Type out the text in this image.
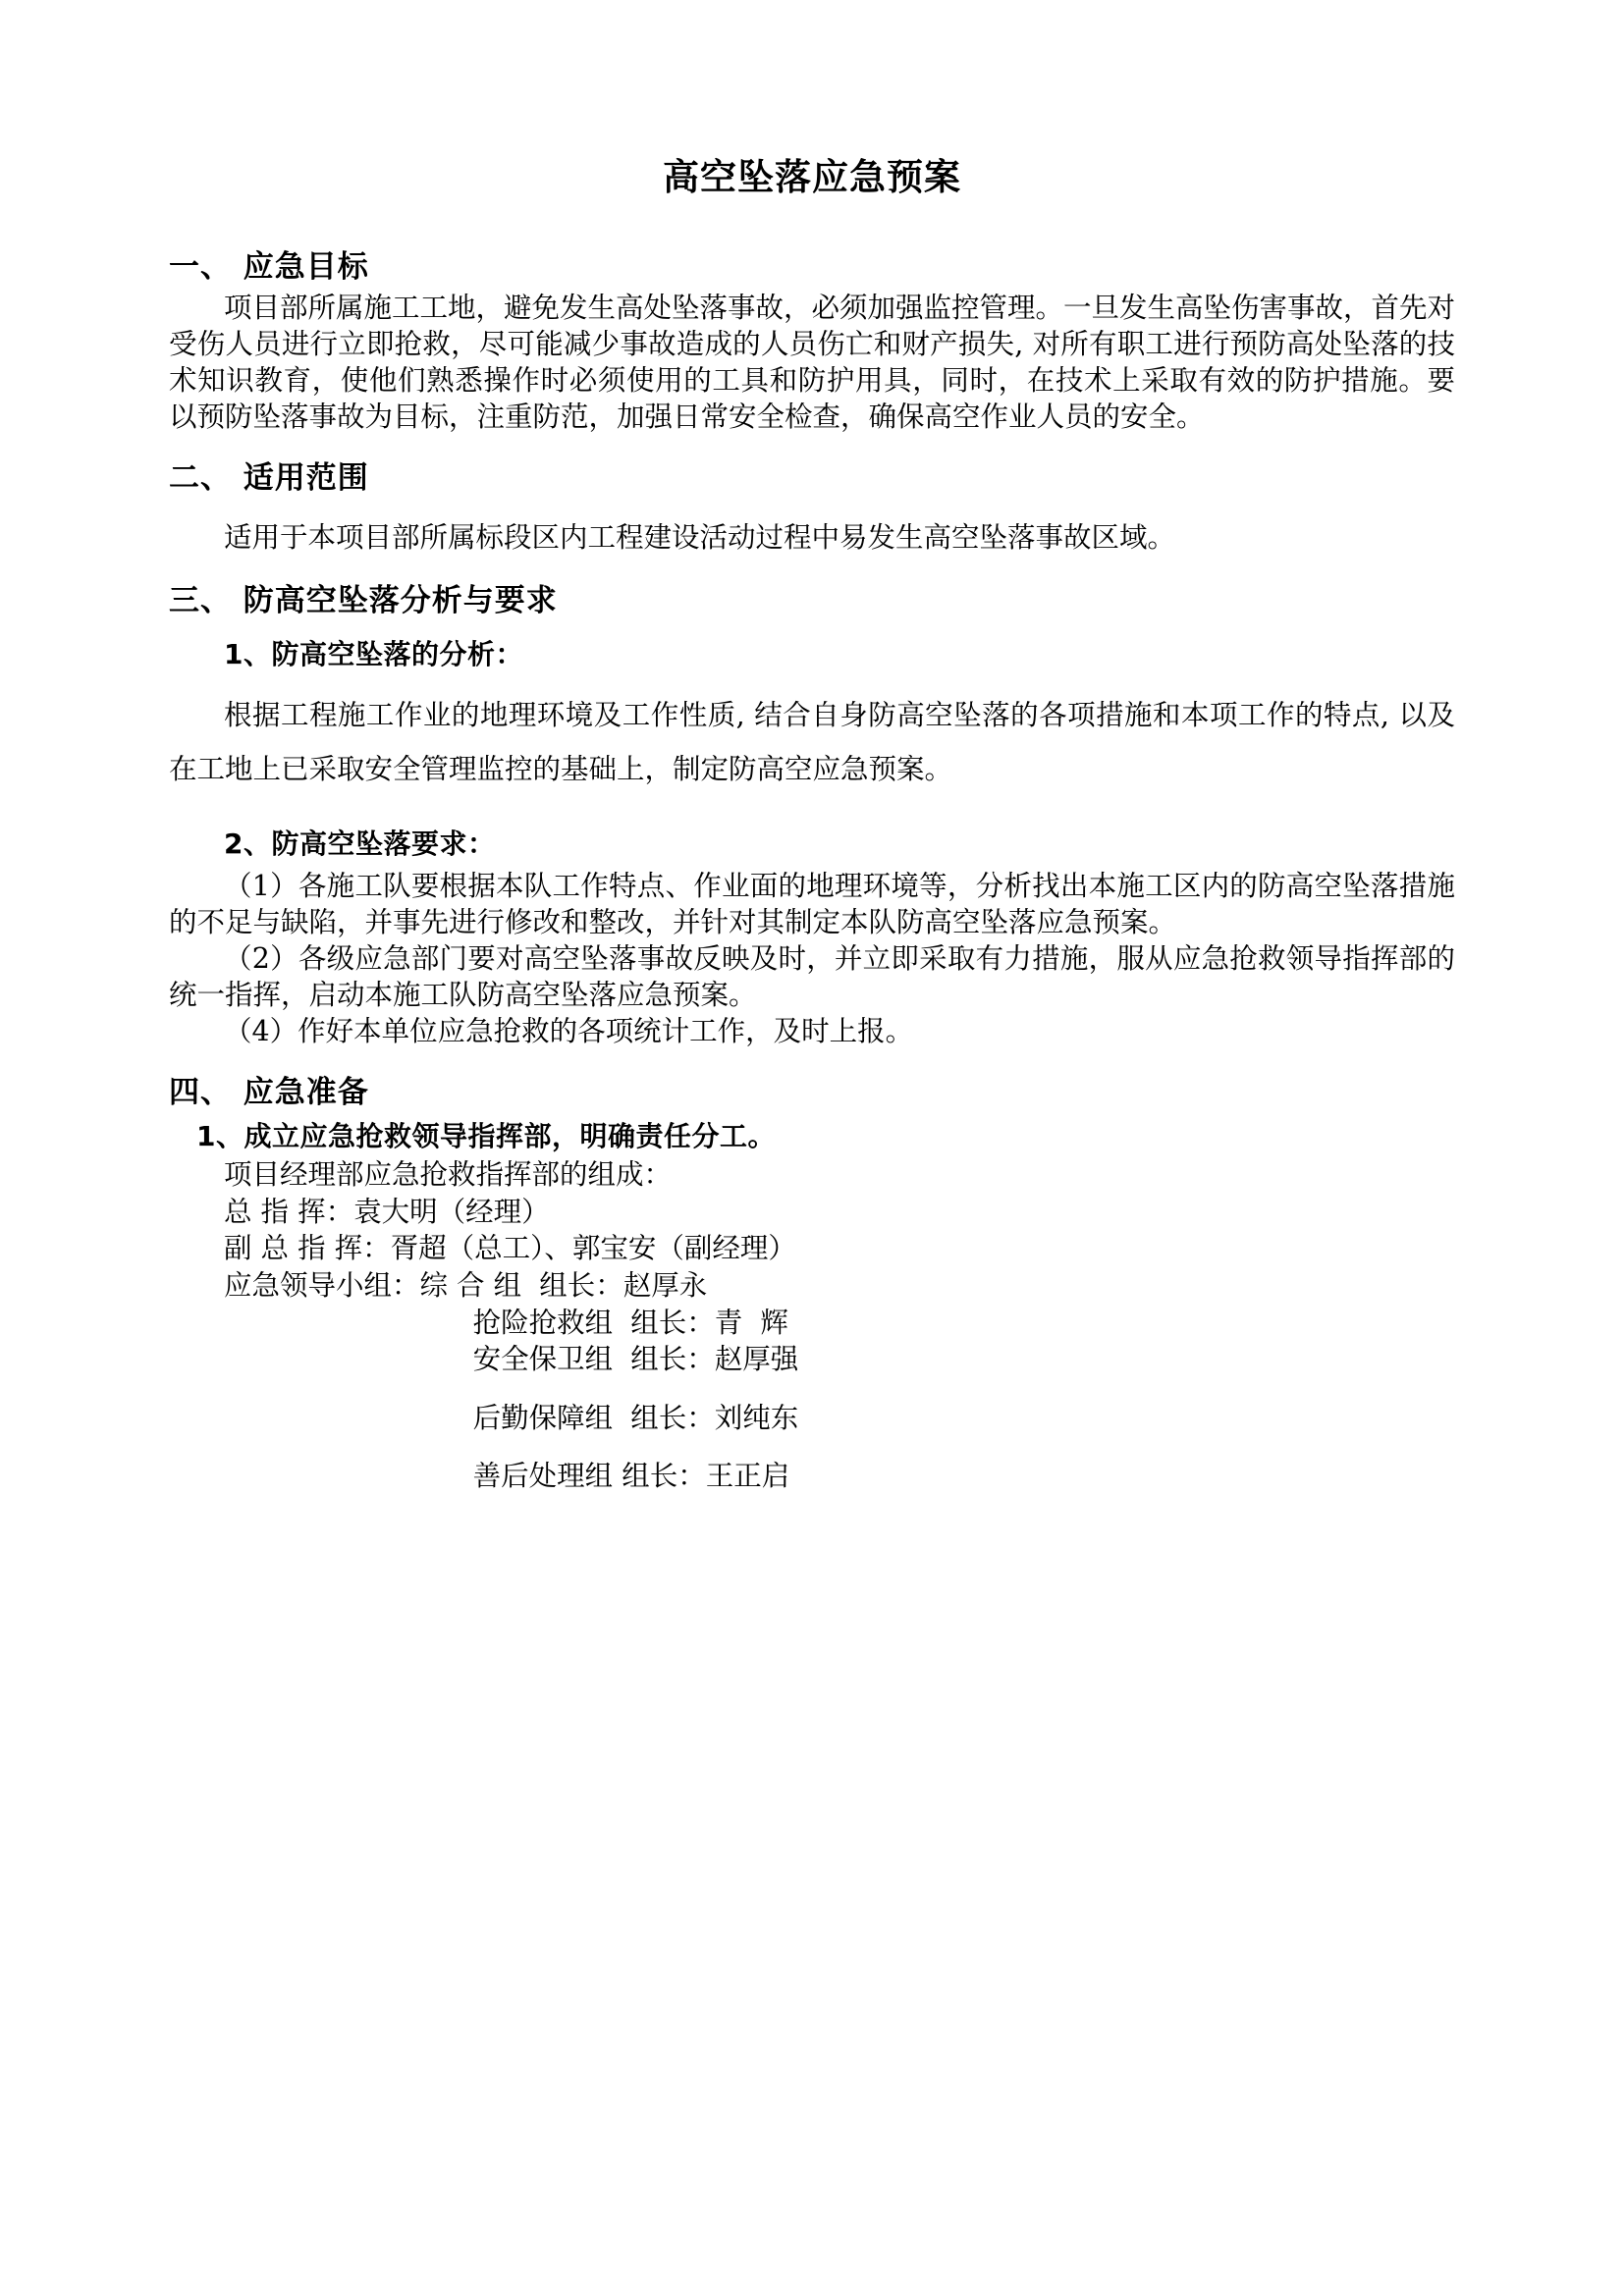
高空坠落应急预案
一、 应急目标

项目部所属施工工地，避免发生高处坠落事故，必须加强监控管理。一旦发生高坠伤害事故，首先对受伤人员进行立即抢救，尽可能减少事故造成的人员伤亡和财产损失, 对所有职工进行预防高处坠落的技术知识教育，使他们熟悉操作时必须使用的工具和防护用具，同时，在技术上采取有效的防护措施。要以预防坠落事故为目标，注重防范，加强日常安全检查，确保高空作业人员的安全。

二、 适用范围

适用于本项目部所属标段区内工程建设活动过程中易发生高空坠落事故区域。

三、 防高空坠落分析与要求
1、防高空坠落的分析：

根据工程施工作业的地理环境及工作性质, 结合自身防高空坠落的各项措施和本项工作的特点, 以及在工地上已采取安全管理监控的基础上，制定防高空应急预案。

2、防高空坠落要求：

（1）各施工队要根据本队工作特点、作业面的地理环境等，分析找出本施工区内的防高空坠落措施的不足与缺陷，并事先进行修改和整改，并针对其制定本队防高空坠落应急预案。

（2）各级应急部门要对高空坠落事故反映及时，并立即采取有力措施，服从应急抢救领导指挥部的统一指挥，启动本施工队防高空坠落应急预案。

（4）作好本单位应急抢救的各项统计工作，及时上报。

四、 应急准备
1、成立应急抢救领导指挥部，明确责任分工。
项目经理部应急抢救指挥部的组成：
总 指 挥：袁大明（经理）
副 总 指 挥：胥超（总工）、郭宝安（副经理）
应急领导小组：综 合 组  组长：赵厚永
抢险抢救组  组长：青  辉
安全保卫组  组长：赵厚强
后勤保障组  组长：刘纯东
善后处理组 组长：王正启
